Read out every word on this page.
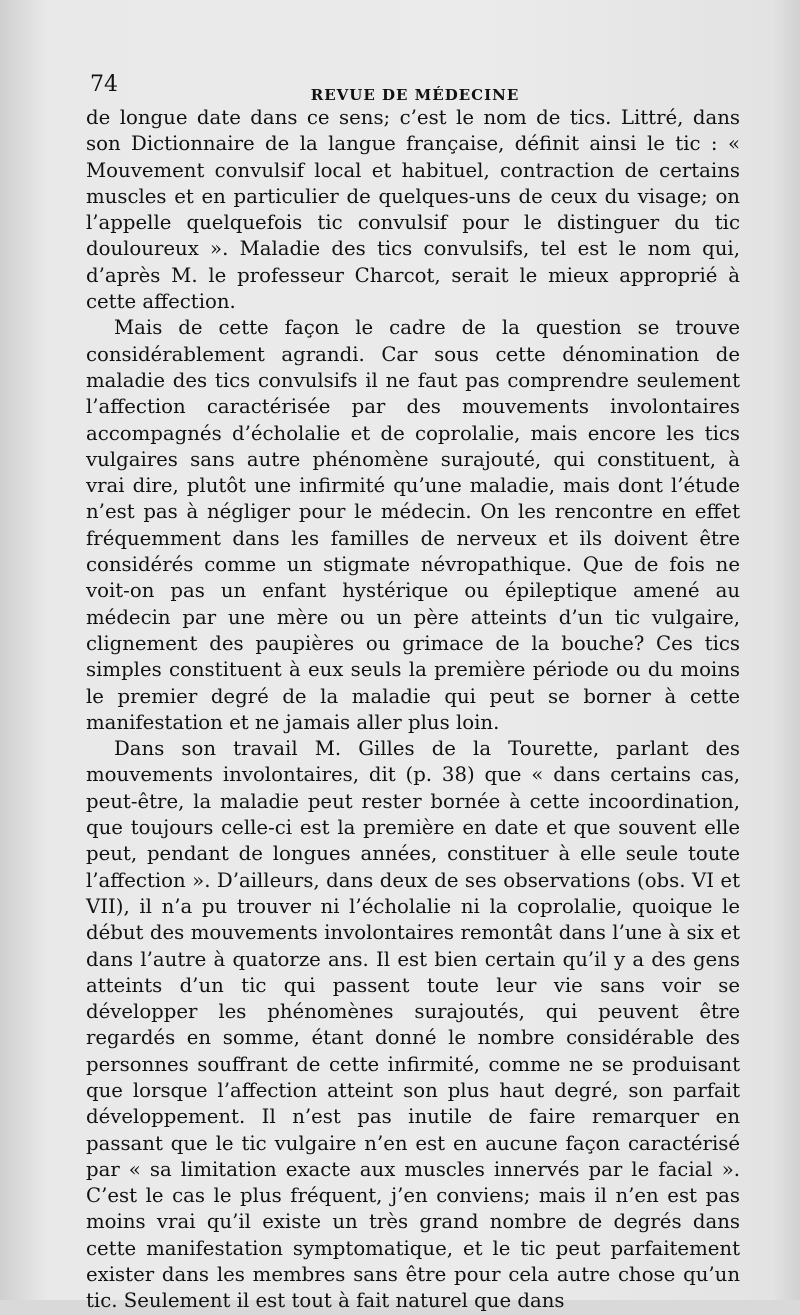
74	REVUE DE MÉDECINE

de longue date dans ce sens; c’est le nom de tics. Littré, dans son Dictionnaire de la langue française, définit ainsi le tic : « Mouvement convulsif local et habituel, contraction de certains muscles et en particulier de quelques-uns de ceux du visage; on l’appelle quelquefois tic convulsif pour le distinguer du tic douloureux ». Maladie des tics convulsifs, tel est le nom qui, d’après M. le professeur Charcot, serait le mieux approprié à cette affection.

Mais de cette façon le cadre de la question se trouve considérablement agrandi. Car sous cette dénomination de maladie des tics convulsifs il ne faut pas comprendre seulement l’affection caractérisée par des mouvements involontaires accompagnés d’écholalie et de coprolalie, mais encore les tics vulgaires sans autre phénomène surajouté, qui constituent, à vrai dire, plutôt une infirmité qu’une maladie, mais dont l’étude n’est pas à négliger pour le médecin. On les rencontre en effet fréquemment dans les familles de nerveux et ils doivent être considérés comme un stigmate névropathique. Que de fois ne voit-on pas un enfant hystérique ou épileptique amené au médecin par une mère ou un père atteints d’un tic vulgaire, clignement des paupières ou grimace de la bouche? Ces tics simples constituent à eux seuls la première période ou du moins le premier degré de la maladie qui peut se borner à cette manifestation et ne jamais aller plus loin.

Dans son travail M. Gilles de la Tourette, parlant des mouvements involontaires, dit (p. 38) que « dans certains cas, peut-être, la maladie peut rester bornée à cette incoordination, que toujours celle-ci est la première en date et que souvent elle peut, pendant de longues années, constituer à elle seule toute l’affection ». D’ailleurs, dans deux de ses observations (obs. VI et VII), il n’a pu trouver ni l’écholalie ni la coprolalie, quoique le début des mouvements involontaires remontât dans l’une à six et dans l’autre à quatorze ans. Il est bien certain qu’il y a des gens atteints d’un tic qui passent toute leur vie sans voir se développer les phénomènes surajoutés, qui peuvent être regardés en somme, étant donné le nombre considérable des personnes souffrant de cette infirmité, comme ne se produisant que lorsque l’affection atteint son plus haut degré, son parfait développement. Il n’est pas inutile de faire remarquer en passant que le tic vulgaire n’en est en aucune façon caractérisé par « sa limitation exacte aux muscles innervés par le facial ». C’est le cas le plus fréquent, j’en conviens; mais il n’en est pas moins vrai qu’il existe un très grand nombre de degrés dans cette manifestation symptomatique, et le tic peut parfaitement exister dans les membres sans être pour cela autre chose qu’un tic. Seulement il est tout à fait naturel que dans
